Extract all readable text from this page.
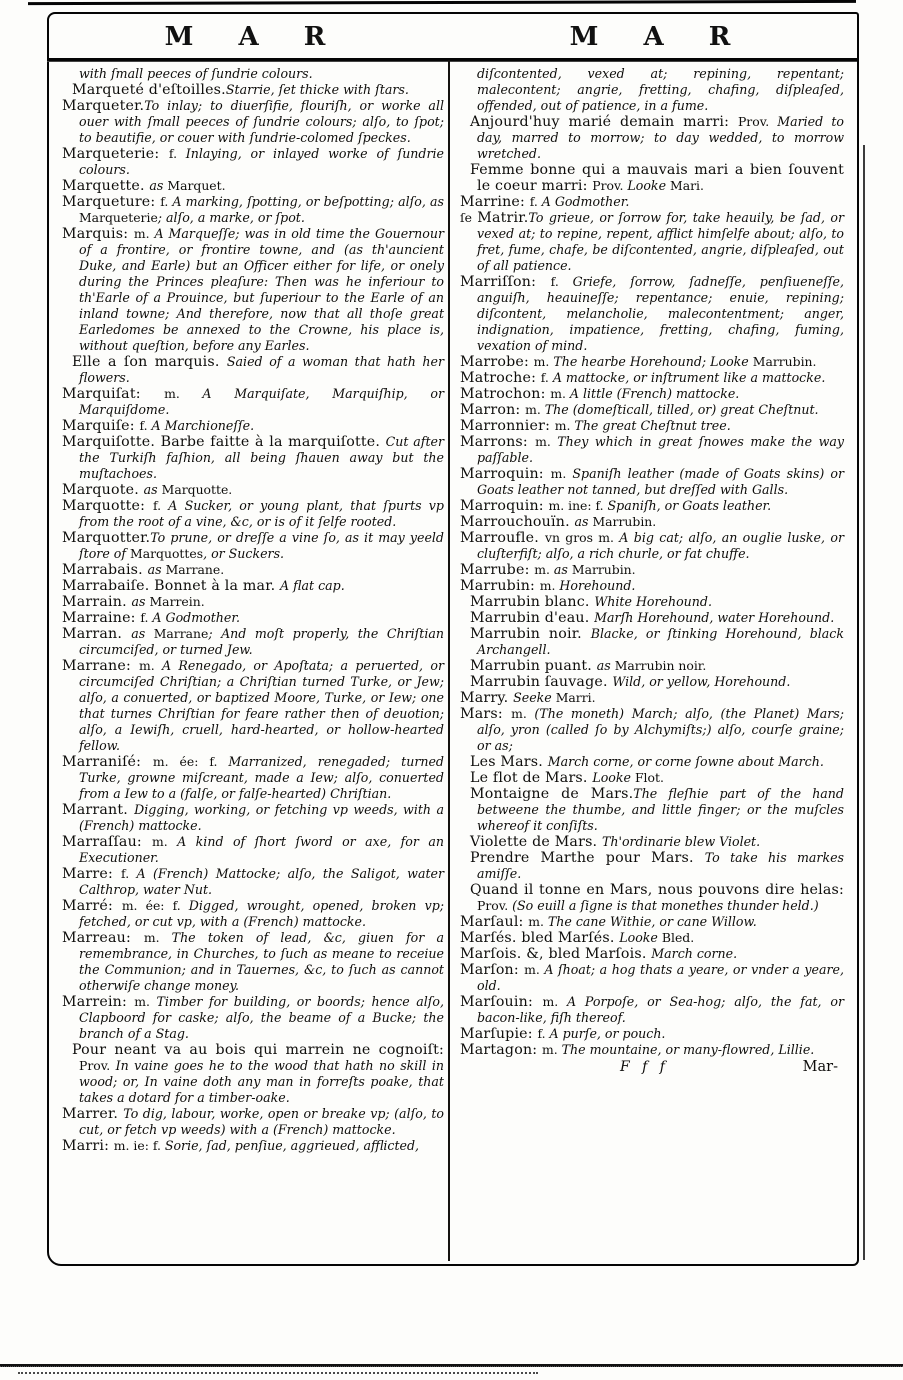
M A R	M A R

with ſmall peeces of ſundrie colours.

Marqueté d'eſtoilles.Starrie, ſet thicke with ſtars.

Marqueter.To inlay; to diuerſifie, flouriſh, or worke all ouer with ſmall peeces of ſundrie colours; alſo, to ſpot; to beautifie, or couer with ſundrie-colomed ſpeckes.

Marqueterie: f. Inlaying, or inlayed worke of ſundrie colours.

Marquette. as Marquet.

Marqueture: f. A marking, ſpotting, or beſpotting; alſo, as Marqueterie; alſo, a marke, or ſpot.

Marquis: m. A Marqueſſe; was in old time the Gouernour of a frontire, or frontire towne, and (as th'auncient Duke, and Earle) but an Officer either for life, or onely during the Princes pleaſure: Then was he inferiour to th'Earle of a Prouince, but ſuperiour to the Earle of an inland towne; And therefore, now that all thoſe great Earledomes be annexed to the Crowne, his place is, without queſtion, before any Earles.

Elle a ſon marquis. Saied of a woman that hath her flowers.

Marquiſat: m. A Marquiſate, Marquiſhip, or Marquiſdome.

Marquiſe: f. A Marchioneſſe.

Marquiſotte. Barbe faitte à la marquiſotte. Cut after the Turkiſh faſhion, all being ſhauen away but the muſtachoes.

Marquote. as Marquotte.

Marquotte: f. A Sucker, or young plant, that ſpurts vp from the root of a vine, &c, or is of it ſelfe rooted.

Marquotter.To prune, or dreſſe a vine ſo, as it may yeeld ſtore of Marquottes, or Suckers.

Marrabais. as Marrane.

Marrabaiſe. Bonnet à la mar. A flat cap.

Marrain. as Marrein.

Marraine: f. A Godmother.

Marran. as Marrane; And moſt properly, the Chriſtian circumciſed, or turned Jew.

Marrane: m. A Renegado, or Apoſtata; a peruerted, or circumciſed Chriſtian; a Chriſtian turned Turke, or Jew; alſo, a conuerted, or baptized Moore, Turke, or Iew; one that turnes Chriſtian for feare rather then of deuotion; alſo, a Iewiſh, cruell, hard-hearted, or hollow-hearted fellow.

Marraniſé: m. ée: f. Marranized, renegaded; turned Turke, growne miſcreant, made a Iew; alſo, conuerted from a Iew to a (falſe, or falſe-hearted) Chriſtian.

Marrant. Digging, working, or fetching vp weeds, with a (French) mattocke.

Marraſſau: m. A kind of ſhort ſword or axe, for an Executioner.

Marre: f. A (French) Mattocke; alſo, the Saligot, water Calthrop, water Nut.

Marré: m. ée: f. Digged, wrought, opened, broken vp; fetched, or cut vp, with a (French) mattocke.

Marreau: m. The token of lead, &c, giuen for a remembrance, in Churches, to ſuch as meane to receiue the Communion; and in Tauernes, &c, to ſuch as cannot otherwiſe change money.

Marrein: m. Timber for building, or boords; hence alſo, Clapboord for caske; alſo, the beame of a Bucke; the branch of a Stag.

Pour neant va au bois qui marrein ne cognoiſt: Prov. In vaine goes he to the wood that hath no skill in wood; or, In vaine doth any man in forreſts poake, that takes a dotard for a timber-oake.

Marrer. To dig, labour, worke, open or breake vp; (alſo, to cut, or fetch vp weeds) with a (French) mattocke.

Marri: m. ie: f. Sorie, ſad, penſiue, aggrieued, afflicted,

diſcontented, vexed at; repining, repentant; malecontent; angrie, fretting, chafing, diſpleaſed, offended, out of patience, in a fume.

Anjourd'huy marié demain marri: Prov. Maried to day, marred to morrow; to day wedded, to morrow wretched.

Femme bonne qui a mauvais mari a bien ſouvent le coeur marri: Prov. Looke Mari.

Marrine: f. A Godmother.

ſe Matrir.To grieue, or ſorrow for, take heauily, be ſad, or vexed at; to repine, repent, afflict himſelfe about; alſo, to fret, fume, chafe, be diſcontented, angrie, diſpleaſed, out of all patience.

Marriſſon: f. Griefe, ſorrow, ſadneſſe, penſiueneſſe, anguiſh, heauineſſe; repentance; enuie, repining; diſcontent, melancholie, malecontentment; anger, indignation, impatience, fretting, chafing, fuming, vexation of mind.

Marrobe: m. The hearbe Horehound; Looke Marrubin.

Matroche: f. A mattocke, or inſtrument like a mattocke.

Matrochon: m. A little (French) mattocke.

Marron: m. The (domeſticall, tilled, or) great Cheſtnut.

Marronnier: m. The great Cheſtnut tree.

Marrons: m. They which in great ſnowes make the way paſſable.

Marroquin: m. Spaniſh leather (made of Goats skins) or Goats leather not tanned, but dreſſed with Galls.

Marroquin: m. ine: f. Spaniſh, or Goats leather.

Marrouchouïn. as Marrubin.

Marroufle. vn gros m. A big cat; alſo, an ouglie luske, or cluſterfiſt; alſo, a rich churle, or fat chuffe.

Marrube: m. as Marrubin.

Marrubin: m. Horehound.

Marrubin blanc. White Horehound.

Marrubin d'eau. Marſh Horehound, water Horehound.

Marrubin noir. Blacke, or ſtinking Horehound, black Archangell.

Marrubin puant. as Marrubin noir.

Marrubin ſauvage. Wild, or yellow, Horehound.

Marry. Seeke Marri.

Mars: m. (The moneth) March; alſo, (the Planet) Mars; alſo, yron (called ſo by Alchymiſts;) alſo, courſe graine; or as;

Les Mars. March corne, or corne ſowne about March.

Le flot de Mars. Looke Flot.

Montaigne de Mars.The fleſhie part of the hand betweene the thumbe, and little finger; or the muſcles whereof it conſiſts.

Violette de Mars. Th'ordinarie blew Violet.

Prendre Marthe pour Mars. To take his markes amiſſe.

Quand il tonne en Mars, nous pouvons dire helas: Prov. (So euill a ſigne is that monethes thunder held.)

Marſaul: m. The cane Withie, or cane Willow.

Marſés. bled Marſés. Looke Bled.

Marſois. &, bled Marſois. March corne.

Marſon: m. A ſhoat; a hog thats a yeare, or vnder a yeare, old.

Marſouin: m. A Porpoſe, or Sea-hog; alſo, the fat, or bacon-like, fiſh thereof.

Marſupie: f. A purſe, or pouch.

Martagon: m. The mountaine, or many-flowred, Lillie.

F f f	Mar-
